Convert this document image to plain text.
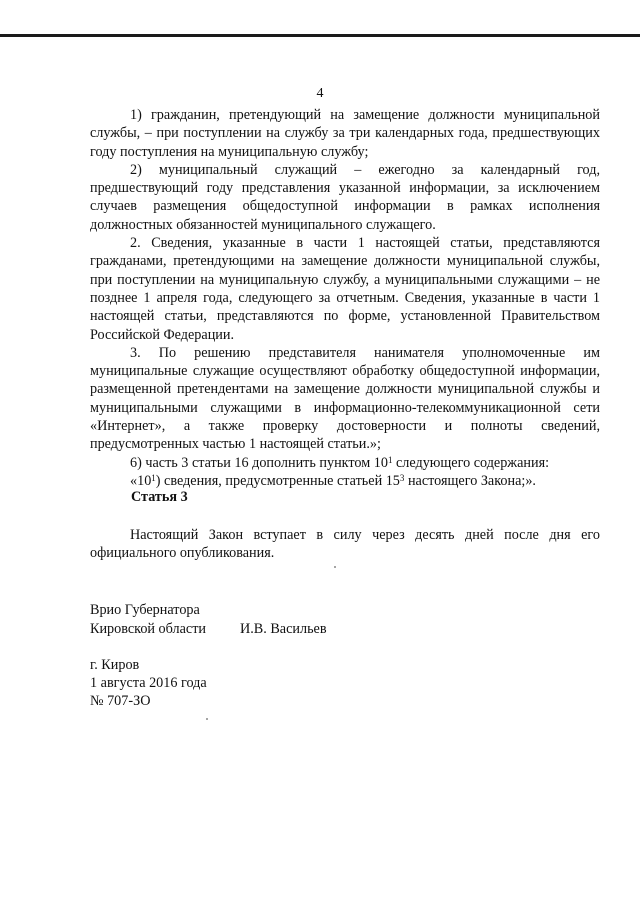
4

1) гражданин, претендующий на замещение должности муниципальной службы, – при поступлении на службу за три календарных года, предшествующих году поступления на муниципальную службу;

2) муниципальный служащий – ежегодно за календарный год, предшествующий году представления указанной информации, за исключением случаев размещения общедоступной информации в рамках исполнения должностных обязанностей муниципального служащего.

2. Сведения, указанные в части 1 настоящей статьи, представляются гражданами, претендующими на замещение должности муниципальной службы, при поступлении на муниципальную службу, а муниципальными служащими – не позднее 1 апреля года, следующего за отчетным. Сведения, указанные в части 1 настоящей статьи, представляются по форме, установленной Правительством Российской Федерации.

3. По решению представителя нанимателя уполномоченные им муниципальные служащие осуществляют обработку общедоступной информации, размещенной претендентами на замещение должности муниципальной службы и муниципальными служащими в информационно-телекоммуникационной сети «Интернет», а также проверку достоверности и полноты сведений, предусмотренных частью 1 настоящей статьи.»;

6) часть 3 статьи 16 дополнить пунктом $10^1$ следующего содержания:

«$10^1$) сведения, предусмотренные статьей $15^3$ настоящего Закона;».

Статья 3
Настоящий Закон вступает в силу через десять дней после дня его официального опубликования.
Врио Губернатора
Кировской области И.В. Васильев
г. Киров
1 августа 2016 года
№ 707-ЗО
